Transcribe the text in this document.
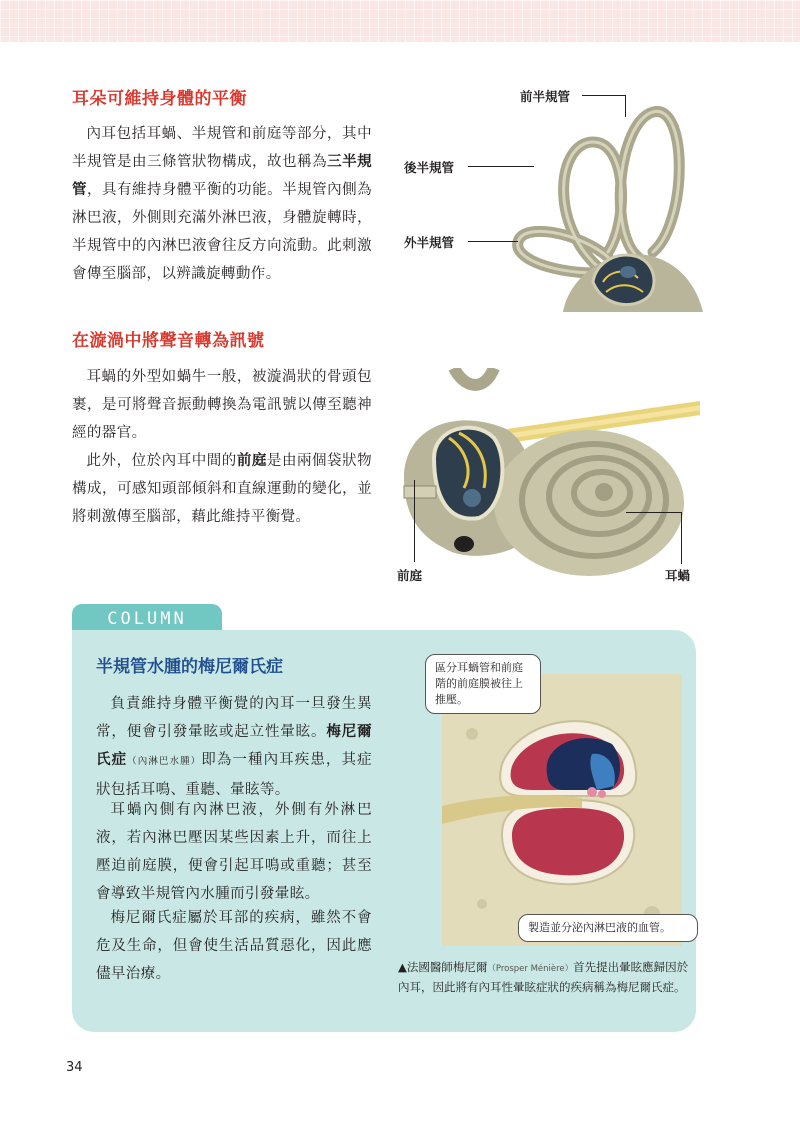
耳朵可維持身體的平衡

內耳包括耳蝸、半規管和前庭等部分，其中半規管是由三條管狀物構成，故也稱為三半規管，具有維持身體平衡的功能。半規管內側為淋巴液，外側則充滿外淋巴液，身體旋轉時，半規管中的內淋巴液會往反方向流動。此刺激會傳至腦部，以辨識旋轉動作。

前半規管
後半規管
外半規管
在漩渦中將聲音轉為訊號

耳蝸的外型如蝸牛一般，被漩渦狀的骨頭包裹，是可將聲音振動轉換為電訊號以傳至聽神經的器官。

此外，位於內耳中間的前庭是由兩個袋狀物構成，可感知頭部傾斜和直線運動的變化，並將刺激傳至腦部，藉此維持平衡覺。

前庭	耳蝸
COLUMN
半規管水腫的梅尼爾氏症

負責維持身體平衡覺的內耳一旦發生異常，便會引發暈眩或起立性暈眩。梅尼爾氏症（內淋巴水腫）即為一種內耳疾患，其症狀包括耳鳴、重聽、暈眩等。

耳蝸內側有內淋巴液，外側有外淋巴液，若內淋巴壓因某些因素上升，而往上壓迫前庭膜，便會引起耳鳴或重聽；甚至會導致半規管內水腫而引發暈眩。

梅尼爾氏症屬於耳部的疾病，雖然不會危及生命，但會使生活品質惡化，因此應儘早治療。

區分耳蝸管和前庭階的前庭膜被往上推壓。
製造並分泌內淋巴液的血管。

▲法國醫師梅尼爾（Prosper Ménière）首先提出暈眩應歸因於內耳，因此將有內耳性暈眩症狀的疾病稱為梅尼爾氏症。

34
